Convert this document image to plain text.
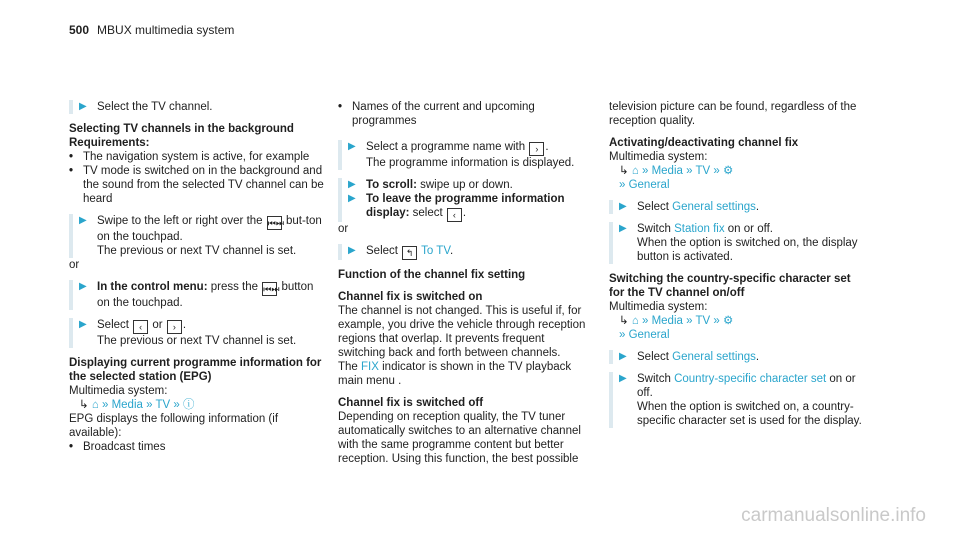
500 MBUX multimedia system
▶ Select the TV channel.

Selecting TV channels in the background

Requirements:

• The navigation system is active, for example
• TV mode is switched on in the background and the sound from the selected TV channel can be heard
▶ Swipe to the left or right over the ⏮⏭ but-ton on the touchpad.
The previous or next TV channel is set.

or

▶ In the control menu: press the ⏮⏭ button on the touchpad.
▶ Select ‹ or › .
The previous or next TV channel is set.

Displaying current programme information for the selected station (EPG)

Multimedia system:

↳ ⌂ » Media » TV » ⓘ

EPG displays the following information (if available):

• Broadcast times
• Names of the current and upcoming programmes
▶ Select a programme name with › .
The programme information is displayed.
▶ To scroll: swipe up or down.
▶ To leave the programme information display: select ‹ .

or

▶ Select ↰ To TV.

Function of the channel fix setting

Channel fix is switched on

The channel is not changed. This is useful if, for example, you drive the vehicle through reception regions that overlap. It prevents frequent switching back and forth between channels.

The FIX indicator is shown in the TV playback main menu .

Channel fix is switched off

Depending on reception quality, the TV tuner automatically switches to an alternative channel with the same programme content but better reception. Using this function, the best possible

television picture can be found, regardless of the reception quality.

Activating/deactivating channel fix

Multimedia system:

↳ ⌂ » Media » TV » ⚙
» General

▶ Select General settings.
▶ Switch Station fix on or off.
When the option is switched on, the display button is activated.

Switching the country-specific character set for the TV channel on/off

Multimedia system:

↳ ⌂ » Media » TV » ⚙
» General

▶ Select General settings.
▶ Switch Country-specific character set on or off.
When the option is switched on, a country-specific character set is used for the display.
carmanualsonline.info
